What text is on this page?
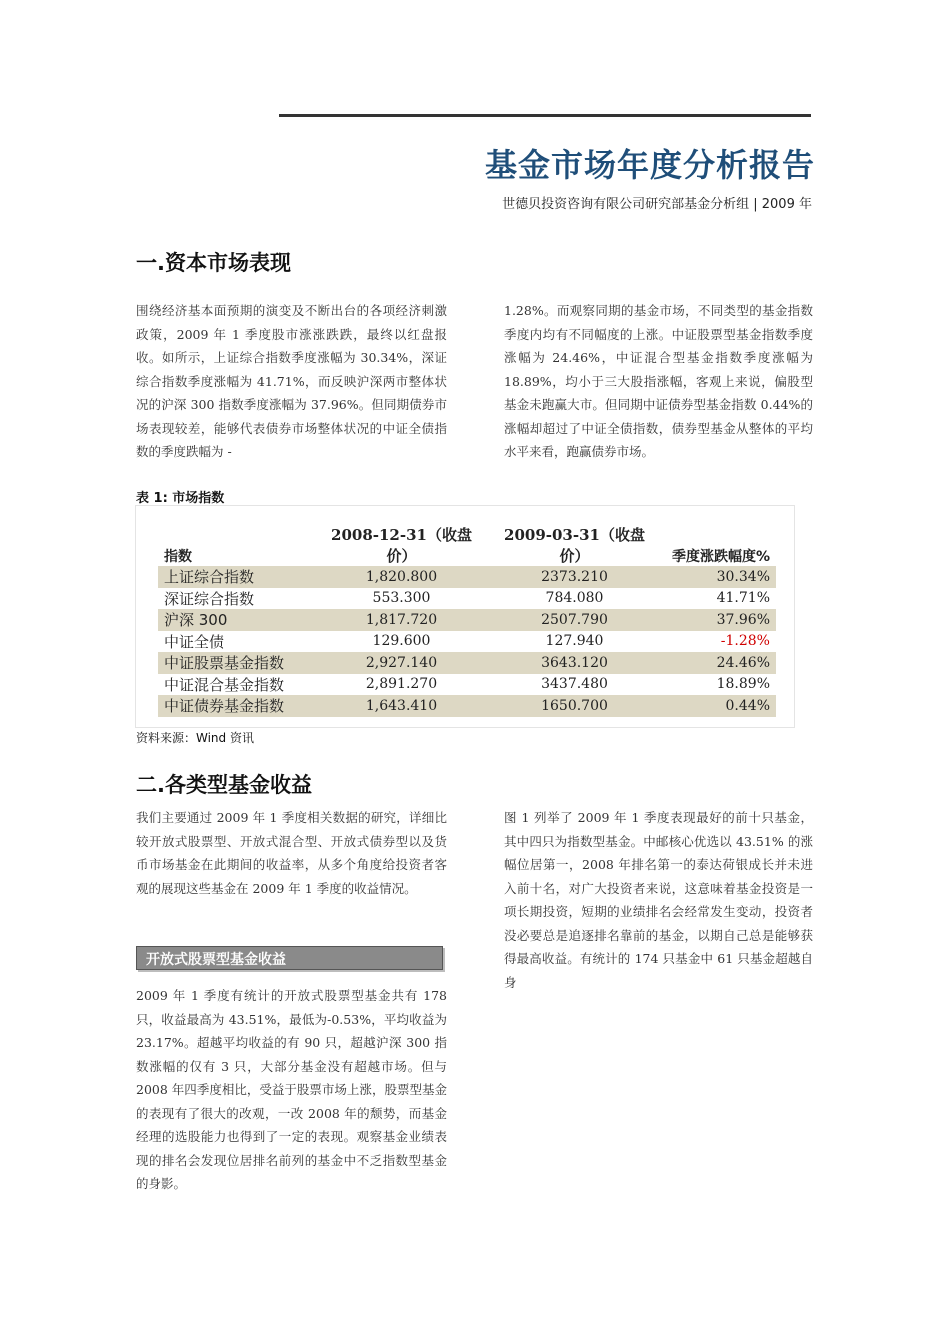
基金市场年度分析报告
世德贝投资咨询有限公司研究部基金分析组 | 2009 年
一.资本市场表现
围绕经济基本面预期的演变及不断出台的各项经济刺激政策，2009 年 1 季度股市涨涨跌跌，最终以红盘报收。如所示，上证综合指数季度涨幅为 30.34%，深证综合指数季度涨幅为 41.71%，而反映沪深两市整体状况的沪深 300 指数季度涨幅为 37.96%。但同期债券市场表现较差，能够代表债券市场整体状况的中证全债指数的季度跌幅为 -
1.28%。而观察同期的基金市场，不同类型的基金指数季度内均有不同幅度的上涨。中证股票型基金指数季度涨幅为 24.46%，中证混合型基金指数季度涨幅为 18.89%，均小于三大股指涨幅，客观上来说，偏股型基金未跑赢大市。但同期中证债券型基金指数 0.44%的涨幅却超过了中证全债指数，债券型基金从整体的平均水平来看，跑赢债券市场。
表 1: 市场指数
指数	2008-12-31（收盘价）	2009-03-31（收盘价）	季度涨跌幅度%
上证综合指数	1,820.800	2373.210	30.34%
深证综合指数	553.300	784.080	41.71%
沪深 300	1,817.720	2507.790	37.96%
中证全债	129.600	127.940	-1.28%
中证股票基金指数	2,927.140	3643.120	24.46%
中证混合基金指数	2,891.270	3437.480	18.89%
中证债券基金指数	1,643.410	1650.700	0.44%
资料来源：Wind 资讯
二.各类型基金收益
我们主要通过 2009 年 1 季度相关数据的研究，详细比较开放式股票型、开放式混合型、开放式债券型以及货币市场基金在此期间的收益率，从多个角度给投资者客观的展现这些基金在 2009 年 1 季度的收益情况。
开放式股票型基金收益
2009 年 1 季度有统计的开放式股票型基金共有 178 只，收益最高为 43.51%，最低为-0.53%，平均收益为 23.17%。超越平均收益的有 90 只，超越沪深 300 指数涨幅的仅有 3 只，大部分基金没有超越市场。但与 2008 年四季度相比，受益于股票市场上涨，股票型基金的表现有了很大的改观，一改 2008 年的颓势，而基金经理的选股能力也得到了一定的表现。观察基金业绩表现的排名会发现位居排名前列的基金中不乏指数型基金的身影。
图 1 列举了 2009 年 1 季度表现最好的前十只基金，其中四只为指数型基金。中邮核心优选以 43.51% 的涨幅位居第一，2008 年排名第一的泰达荷银成长并未进入前十名，对广大投资者来说，这意味着基金投资是一项长期投资，短期的业绩排名会经常发生变动，投资者没必要总是追逐排名靠前的基金，以期自己总是能够获得最高收益。有统计的 174 只基金中 61 只基金超越自身
